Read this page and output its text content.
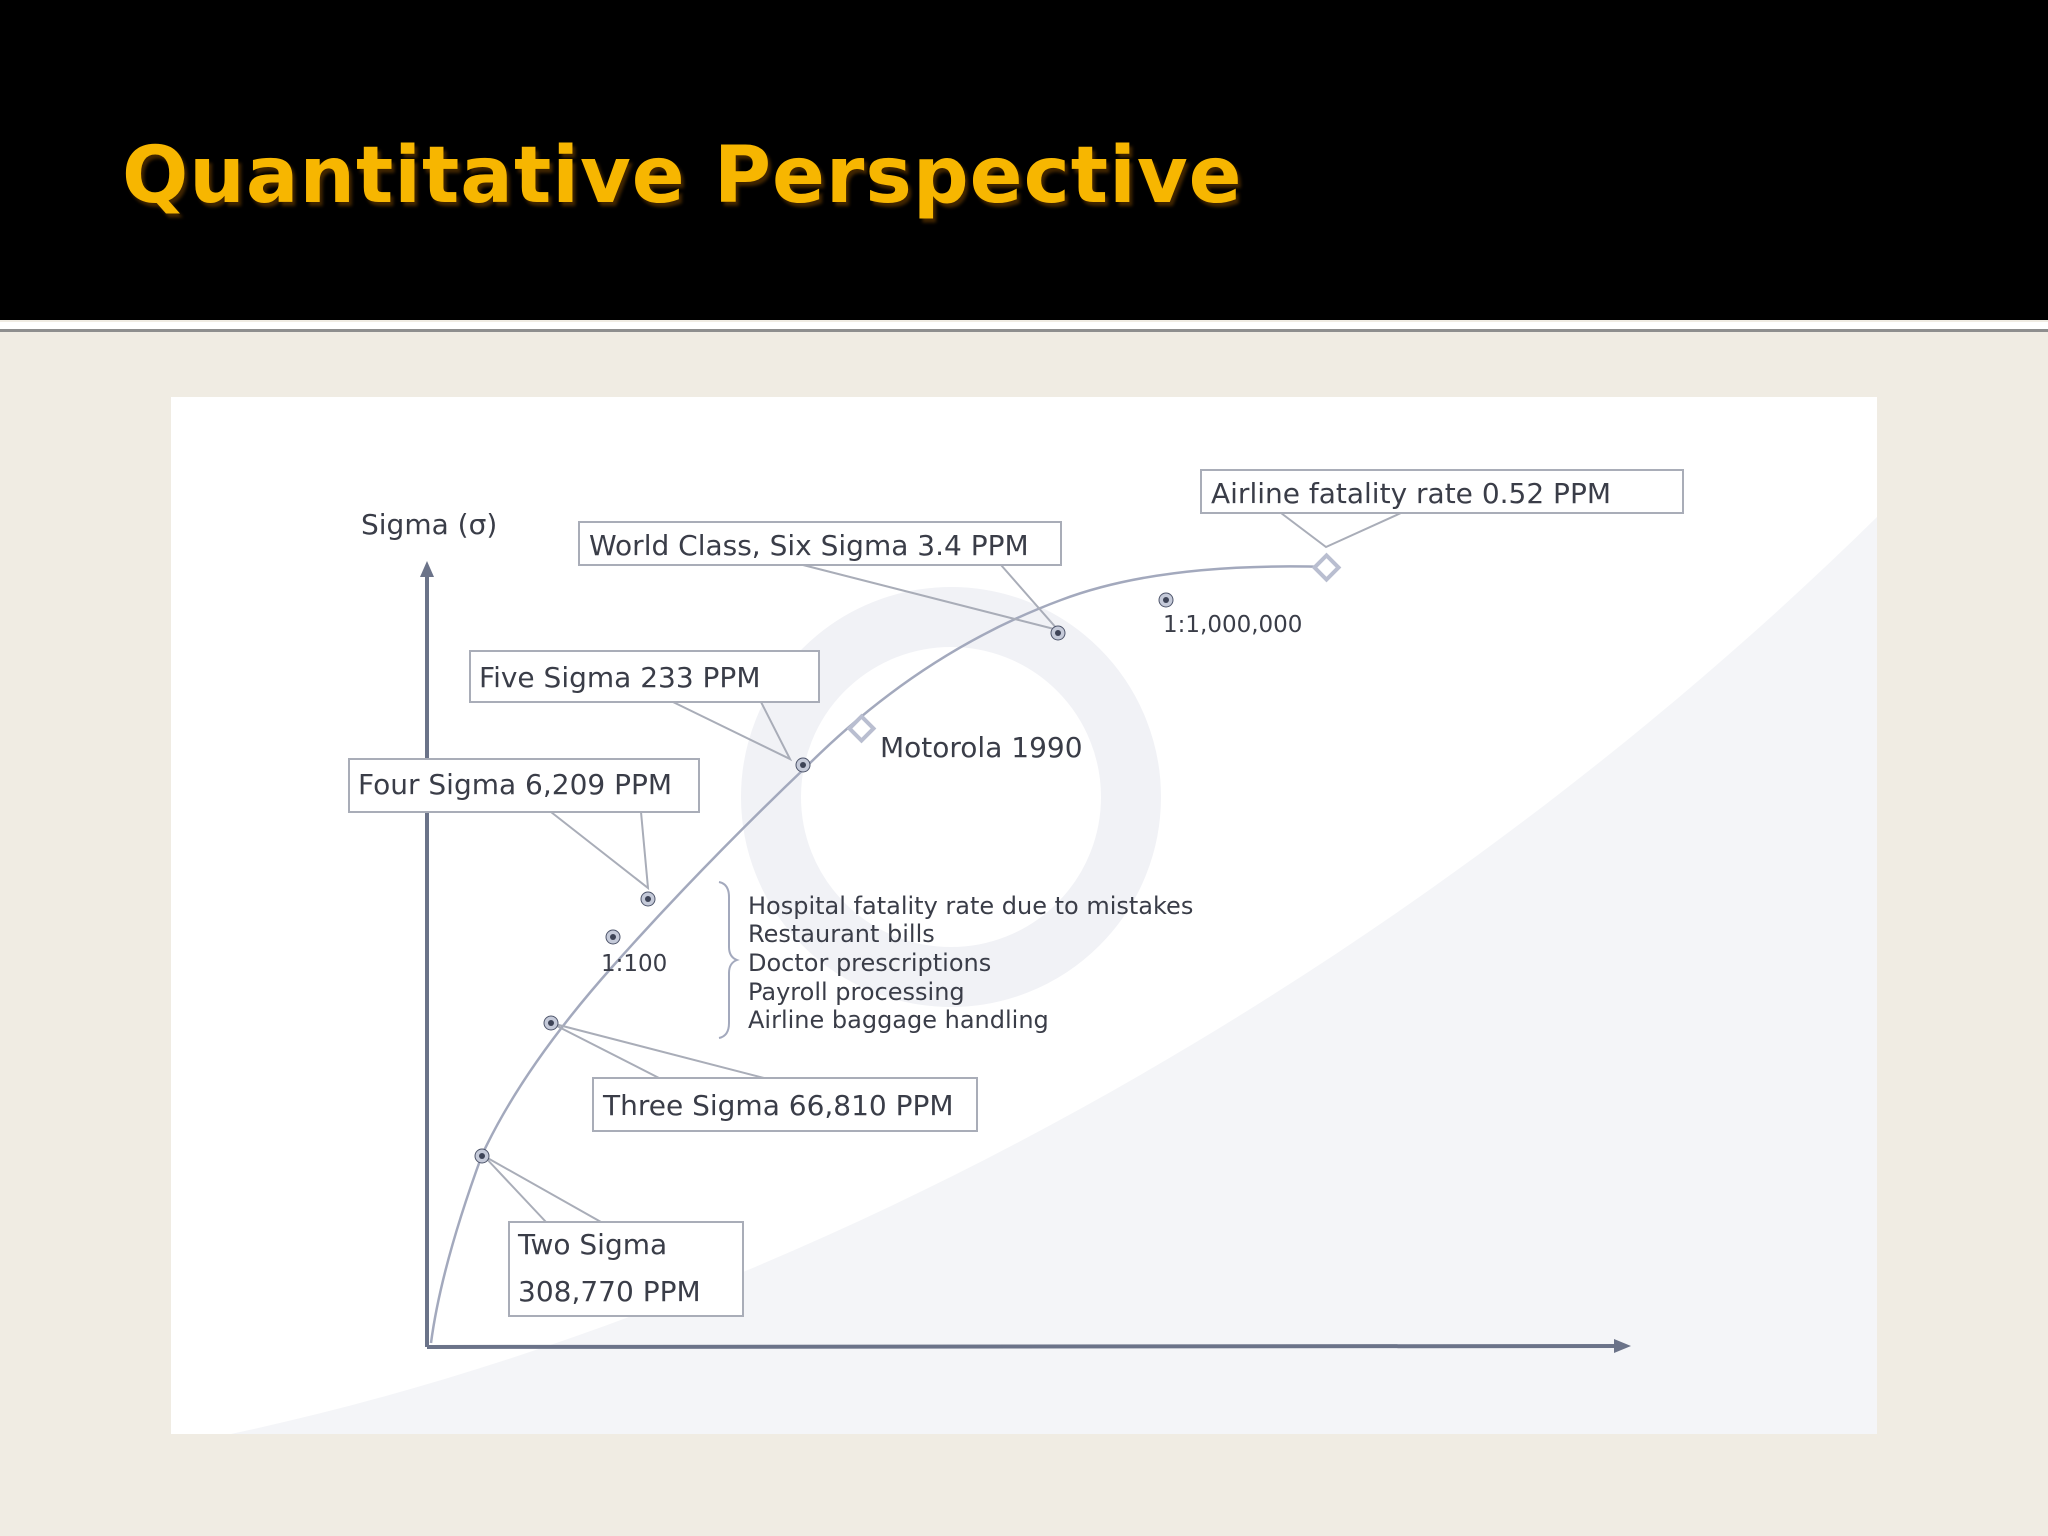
Quantitative Perspective
Sigma (σ)
Airline fatality rate 0.52 PPM
World Class, Six Sigma 3.4 PPM
Five Sigma 233 PPM
Four Sigma 6,209 PPM
Three Sigma 66,810 PPM
Two Sigma
308,770 PPM
Motorola 1990
1:1,000,000
1:100
Hospital fatality rate due to mistakes
Restaurant bills
Doctor prescriptions
Payroll processing
Airline baggage handling
